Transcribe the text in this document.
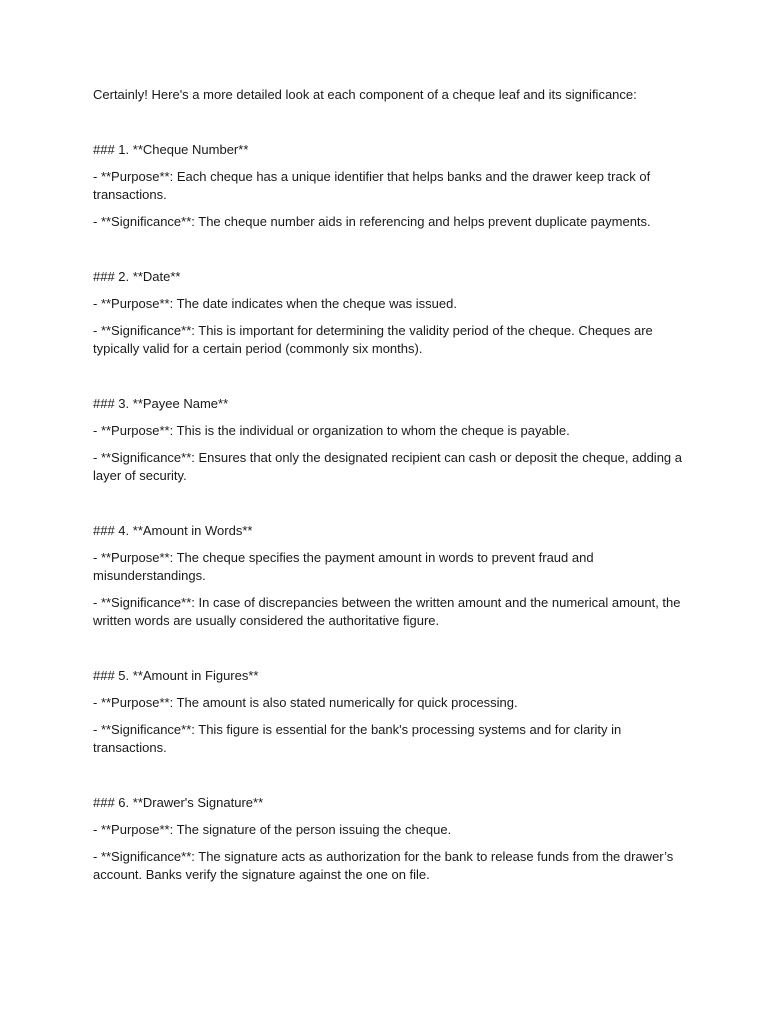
Certainly! Here's a more detailed look at each component of a cheque leaf and its significance:

### 1. **Cheque Number**

- **Purpose**: Each cheque has a unique identifier that helps banks and the drawer keep track of transactions.

- **Significance**: The cheque number aids in referencing and helps prevent duplicate payments.

### 2. **Date**

- **Purpose**: The date indicates when the cheque was issued.

- **Significance**: This is important for determining the validity period of the cheque. Cheques are typically valid for a certain period (commonly six months).

### 3. **Payee Name**

- **Purpose**: This is the individual or organization to whom the cheque is payable.

- **Significance**: Ensures that only the designated recipient can cash or deposit the cheque, adding a layer of security.

### 4. **Amount in Words**

- **Purpose**: The cheque specifies the payment amount in words to prevent fraud and misunderstandings.

- **Significance**: In case of discrepancies between the written amount and the numerical amount, the written words are usually considered the authoritative figure.

### 5. **Amount in Figures**

- **Purpose**: The amount is also stated numerically for quick processing.

- **Significance**: This figure is essential for the bank's processing systems and for clarity in transactions.

### 6. **Drawer's Signature**

- **Purpose**: The signature of the person issuing the cheque.

- **Significance**: The signature acts as authorization for the bank to release funds from the drawer’s account. Banks verify the signature against the one on file.
